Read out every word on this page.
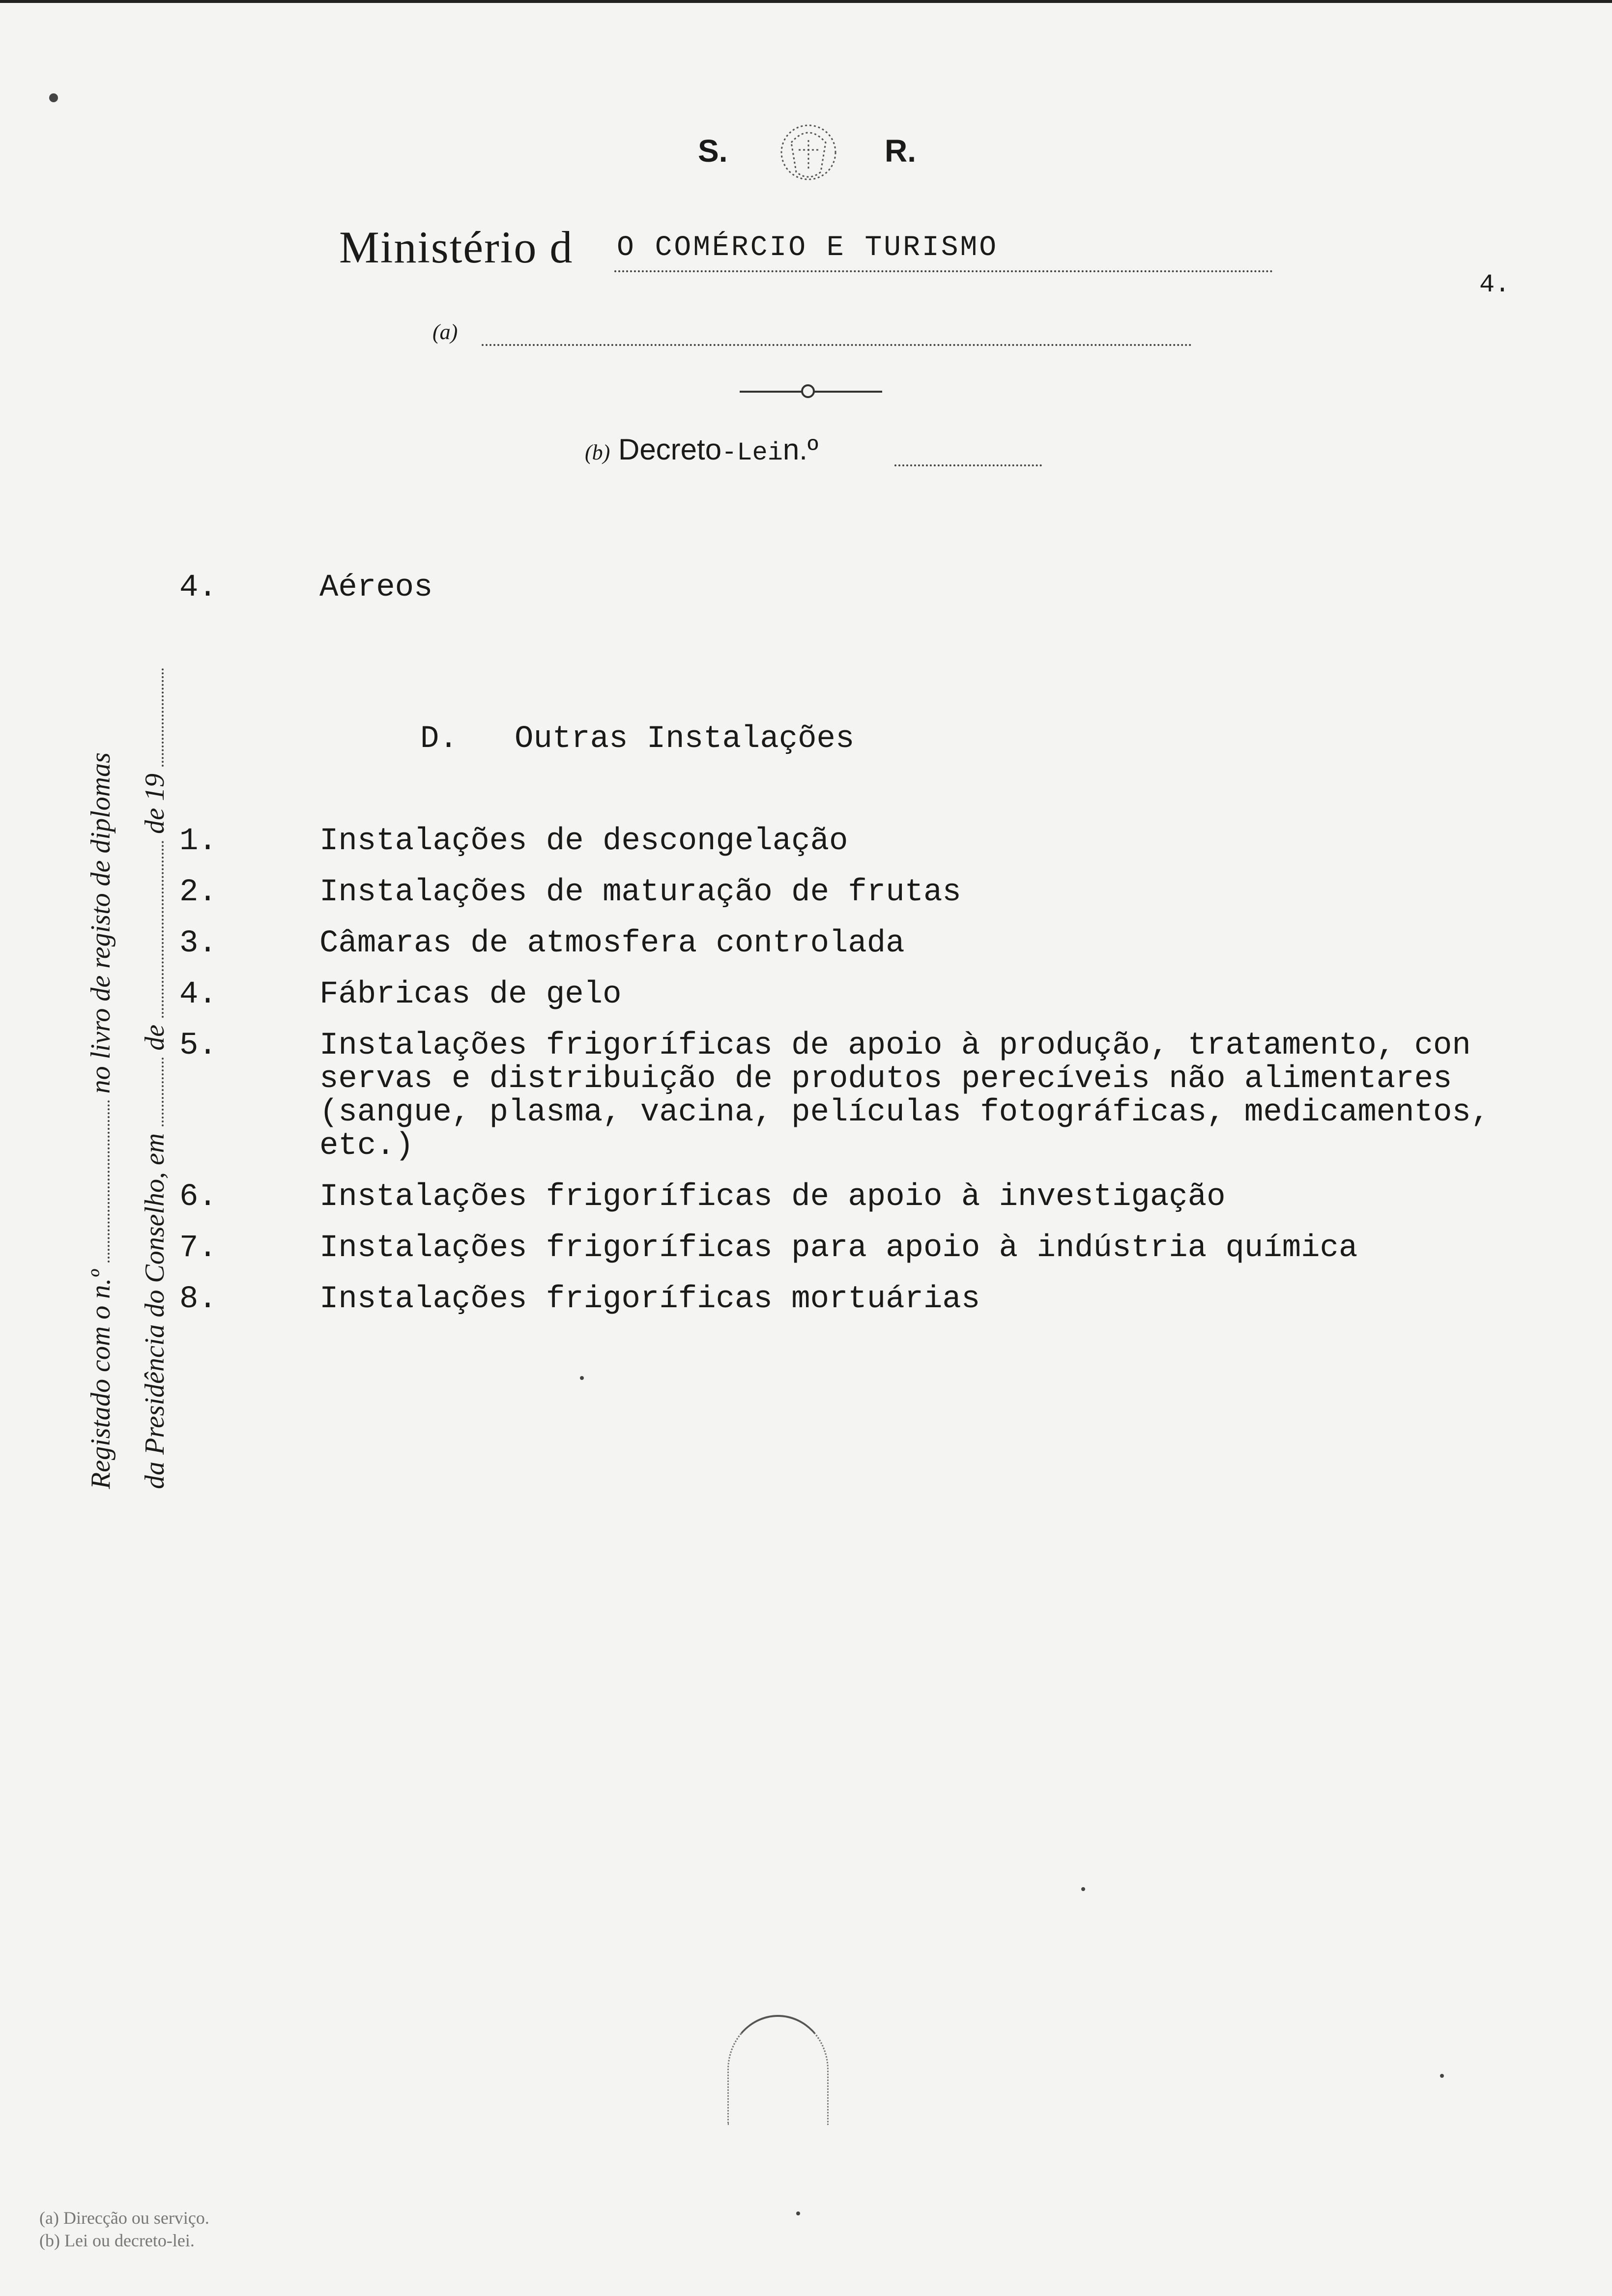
S.	R.
Ministério d O COMÉRCIO E TURISMO
4.
(a)
(b) Decreto-Lein.º
4.	Aéreos
D.   Outras Instalações
1.	Instalações de descongelação
2.	Instalações de maturação de frutas
3.	Câmaras de atmosfera controlada
4.	Fábricas de gelo
5.	Instalações frigoríficas de apoio à produção, tratamento, con
servas e distribuição de produtos perecíveis não alimentares
(sangue, plasma, vacina, películas fotográficas, medicamentos,
etc.)
6.	Instalações frigoríficas de apoio à investigação
7.	Instalações frigoríficas para apoio à indústria química
8.	Instalações frigoríficas mortuárias
Registado com o n.º  no livro de registo de diplomas
da Presidência do Conselho, em  de  de 19
(a) Direcção ou serviço.
(b) Lei ou decreto-lei.
